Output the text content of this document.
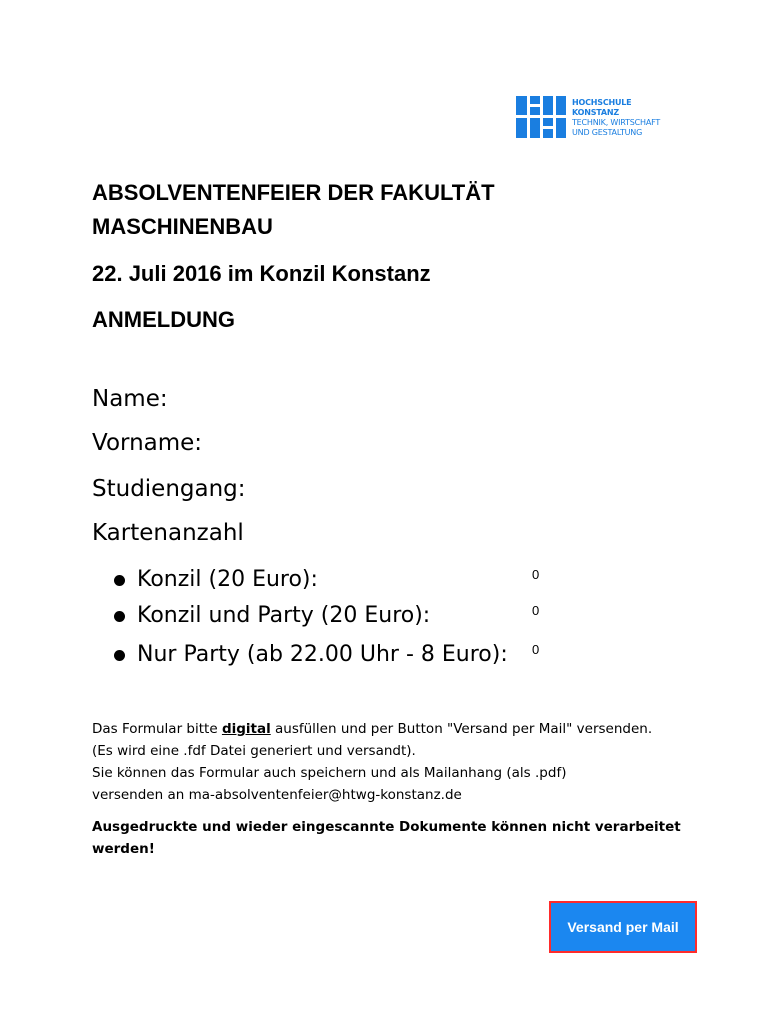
HOCHSCHULE
KONSTANZ
TECHNIK, WIRTSCHAFT
UND GESTALTUNG
ABSOLVENTENFEIER DER FAKULTÄT MASCHINENBAU
22. Juli 2016 im Konzil Konstanz
ANMELDUNG
Name:
Vorname:
Studiengang:
Kartenanzahl
Konzil (20 Euro):	0
Konzil und Party (20 Euro):	0
Nur Party (ab 22.00 Uhr - 8 Euro): 0
Das Formular bitte digital ausfüllen und per Button "Versand per Mail" versenden.
(Es wird eine .fdf Datei generiert und versandt).
Sie können das Formular auch speichern und als Mailanhang (als .pdf)
versenden an ma-absolventenfeier@htwg-konstanz.de
Ausgedruckte und wieder eingescannte Dokumente können nicht verarbeitet werden!
Versand per Mail
